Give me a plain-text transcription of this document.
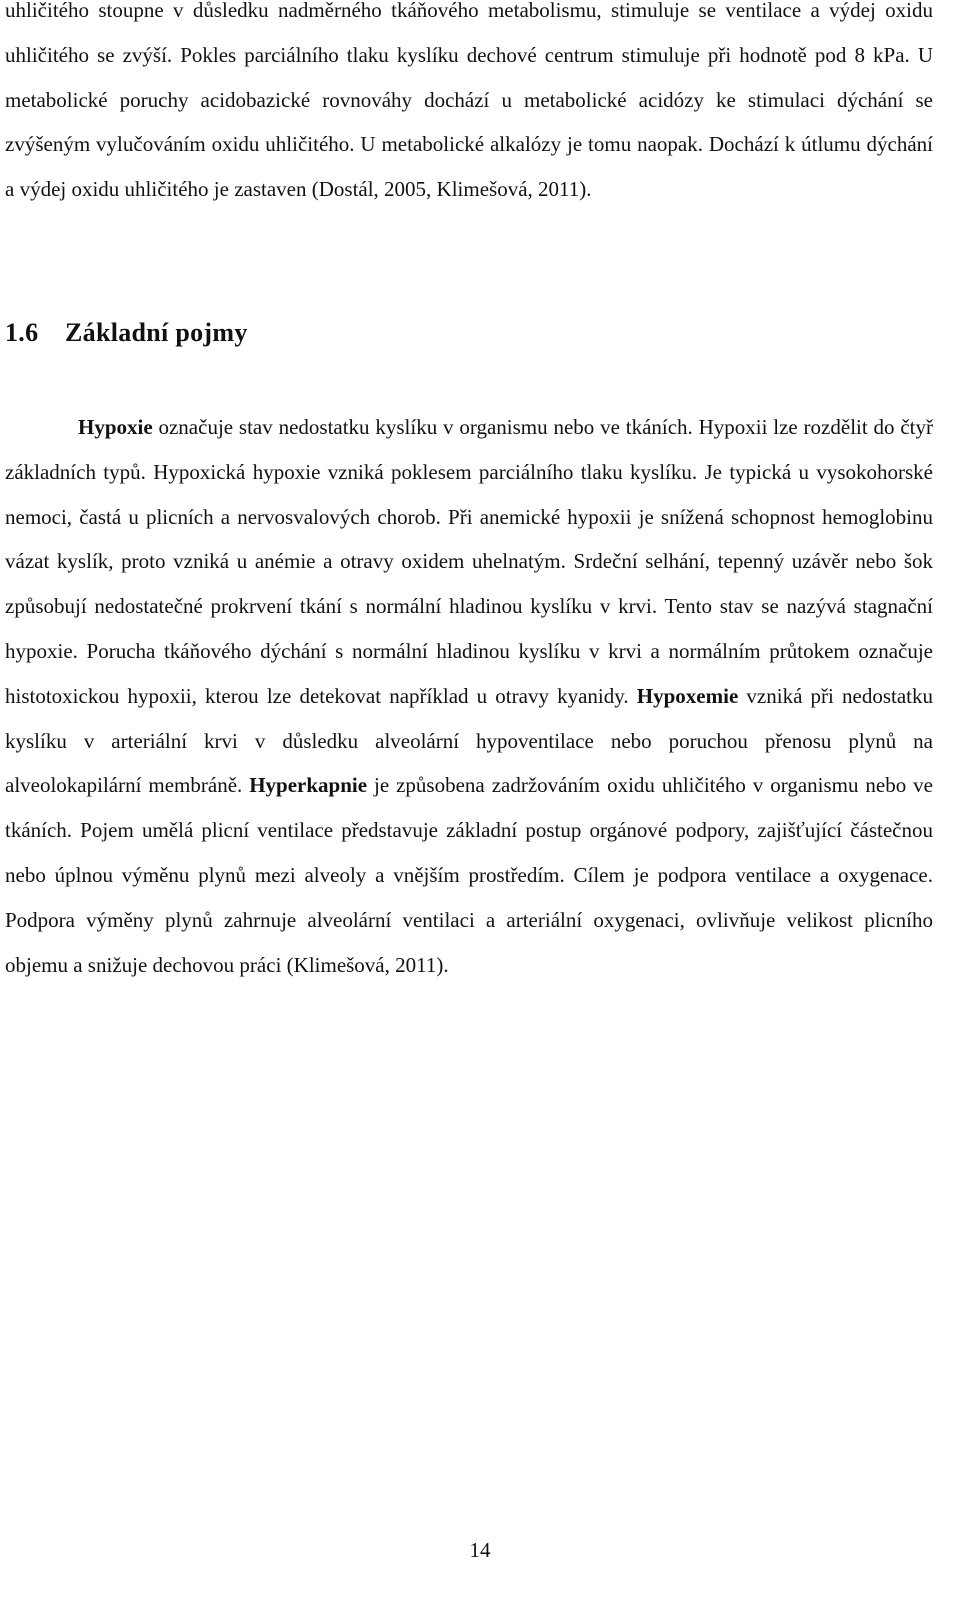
uhličitého stoupne v důsledku nadměrného tkáňového metabolismu, stimuluje se ventilace a výdej oxidu uhličitého se zvýší. Pokles parciálního tlaku kyslíku dechové centrum stimuluje při hodnotě pod 8 kPa. U metabolické poruchy acidobazické rovnováhy dochází u metabolické acidózy ke stimulaci dýchání se zvýšeným vylučováním oxidu uhličitého. U metabolické alkalózy je tomu naopak. Dochází k útlumu dýchání a výdej oxidu uhličitého je zastaven (Dostál, 2005, Klimešová, 2011).

1.6 Základní pojmy

Hypoxie označuje stav nedostatku kyslíku v organismu nebo ve tkáních. Hypoxii lze rozdělit do čtyř základních typů. Hypoxická hypoxie vzniká poklesem parciálního tlaku kyslíku. Je typická u vysokohorské nemoci, častá u plicních a nervosvalových chorob. Při anemické hypoxii je snížená schopnost hemoglobinu vázat kyslík, proto vzniká u anémie a otravy oxidem uhelnatým. Srdeční selhání, tepenný uzávěr nebo šok způsobují nedostatečné prokrvení tkání s normální hladinou kyslíku v krvi. Tento stav se nazývá stagnační hypoxie. Porucha tkáňového dýchání s normální hladinou kyslíku v krvi a normálním průtokem označuje histotoxickou hypoxii, kterou lze detekovat například u otravy kyanidy. Hypoxemie vzniká při nedostatku kyslíku v arteriální krvi v důsledku alveolární hypoventilace nebo poruchou přenosu plynů na alveolokapilární membráně. Hyperkapnie je způsobena zadržováním oxidu uhličitého v organismu nebo ve tkáních. Pojem umělá plicní ventilace představuje základní postup orgánové podpory, zajišťující částečnou nebo úplnou výměnu plynů mezi alveoly a vnějším prostředím. Cílem je podpora ventilace a oxygenace. Podpora výměny plynů zahrnuje alveolární ventilaci a arteriální oxygenaci, ovlivňuje velikost plicního objemu a snižuje dechovou práci (Klimešová, 2011).

14
